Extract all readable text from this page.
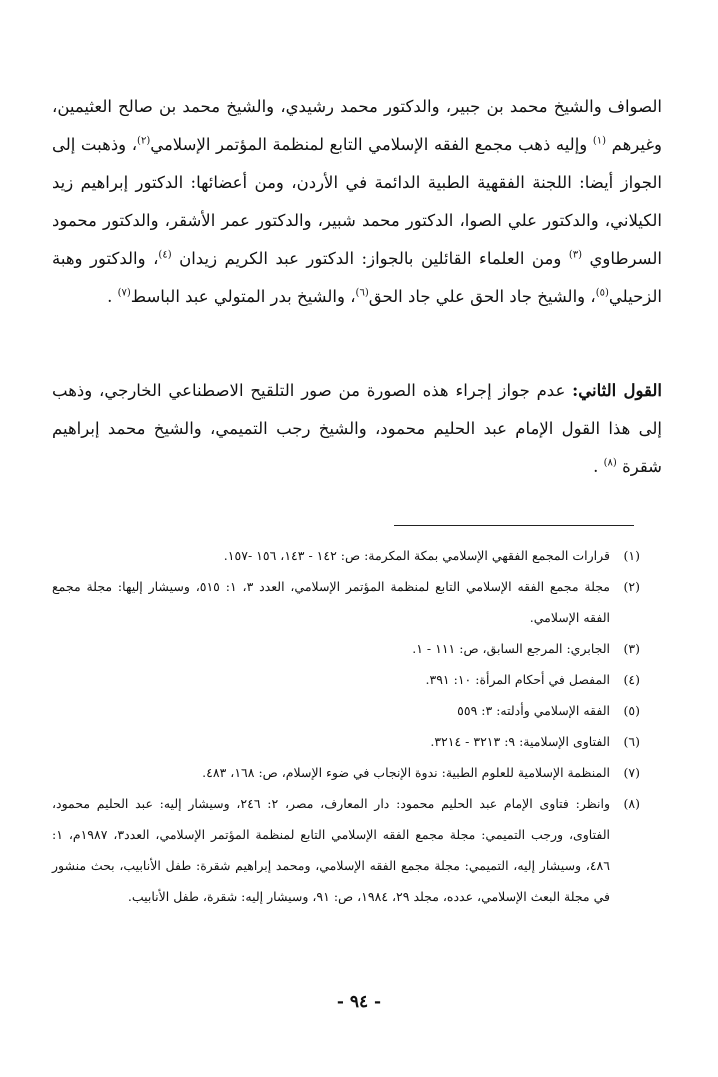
الصواف والشيخ محمد بن جبير، والدكتور محمد رشيدي، والشيخ محمد بن صالح العثيمين، وغيرهم $^{(١)}$ وإليه ذهب مجمع الفقه الإسلامي التابع لمنظمة المؤتمر الإسلامي$^{(٢)}$، وذهبت إلى الجواز أيضا: اللجنة الفقهية الطبية الدائمة في الأردن، ومن أعضائها: الدكتور إبراهيم زيد الكيلاني، والدكتور علي الصوا، الدكتور محمد شبير، والدكتور عمر الأشقر، والدكتور محمود السرطاوي $^{(٣)}$ ومن العلماء القائلين بالجواز: الدكتور عبد الكريم زيدان $^{(٤)}$، والدكتور وهبة الزحيلي$^{(٥)}$، والشيخ جاد الحق علي جاد الحق$^{(٦)}$، والشيخ بدر المتولي عبد الباسط$^{(٧)}$ .

القول الثاني: عدم جواز إجراء هذه الصورة من صور التلقيح الاصطناعي الخارجي، وذهب إلى هذا القول الإمام عبد الحليم محمود، والشيخ رجب التميمي، والشيخ محمد إبراهيم شقرة $^{(٨)}$ .

(١)
قرارات المجمع الفقهي الإسلامي بمكة المكرمة: ص: ١٤٢ - ١٤٣، ١٥٦ -١٥٧.
(٢)
مجلة مجمع الفقه الإسلامي التابع لمنظمة المؤتمر الإسلامي، العدد ٣، ١: ٥١٥، وسيشار إليها: مجلة مجمع الفقه الإسلامي.
(٣)
الجابري: المرجع السابق، ص: ١١١ - ١.
(٤)
المفصل في أحكام المرأة: ١٠: ٣٩١.
(٥)
الفقه الإسلامي وأدلته: ٣: ٥٥٩
(٦)
الفتاوى الإسلامية: ٩: ٣٢١٣ - ٣٢١٤.
(٧)
المنظمة الإسلامية للعلوم الطبية: ندوة الإنجاب في ضوء الإسلام، ص: ١٦٨، ٤٨٣.
(٨)
وانظر: فتاوى الإمام عبد الحليم محمود: دار المعارف، مصر، ٢: ٢٤٦، وسيشار إليه: عبد الحليم محمود، الفتاوى، ورجب التميمي: مجلة مجمع الفقه الإسلامي التابع لمنظمة المؤتمر الإسلامي، العدد٣، ١٩٨٧م، ١: ٤٨٦، وسيشار إليه، التميمي: مجلة مجمع الفقه الإسلامي، ومحمد إبراهيم شقرة: طفل الأنابيب، بحث منشور في مجلة البعث الإسلامي، عدده، مجلد ٢٩، ١٩٨٤، ص: ٩١، وسيشار إليه: شقرة، طفل الأنابيب.
- ٩٤ -
